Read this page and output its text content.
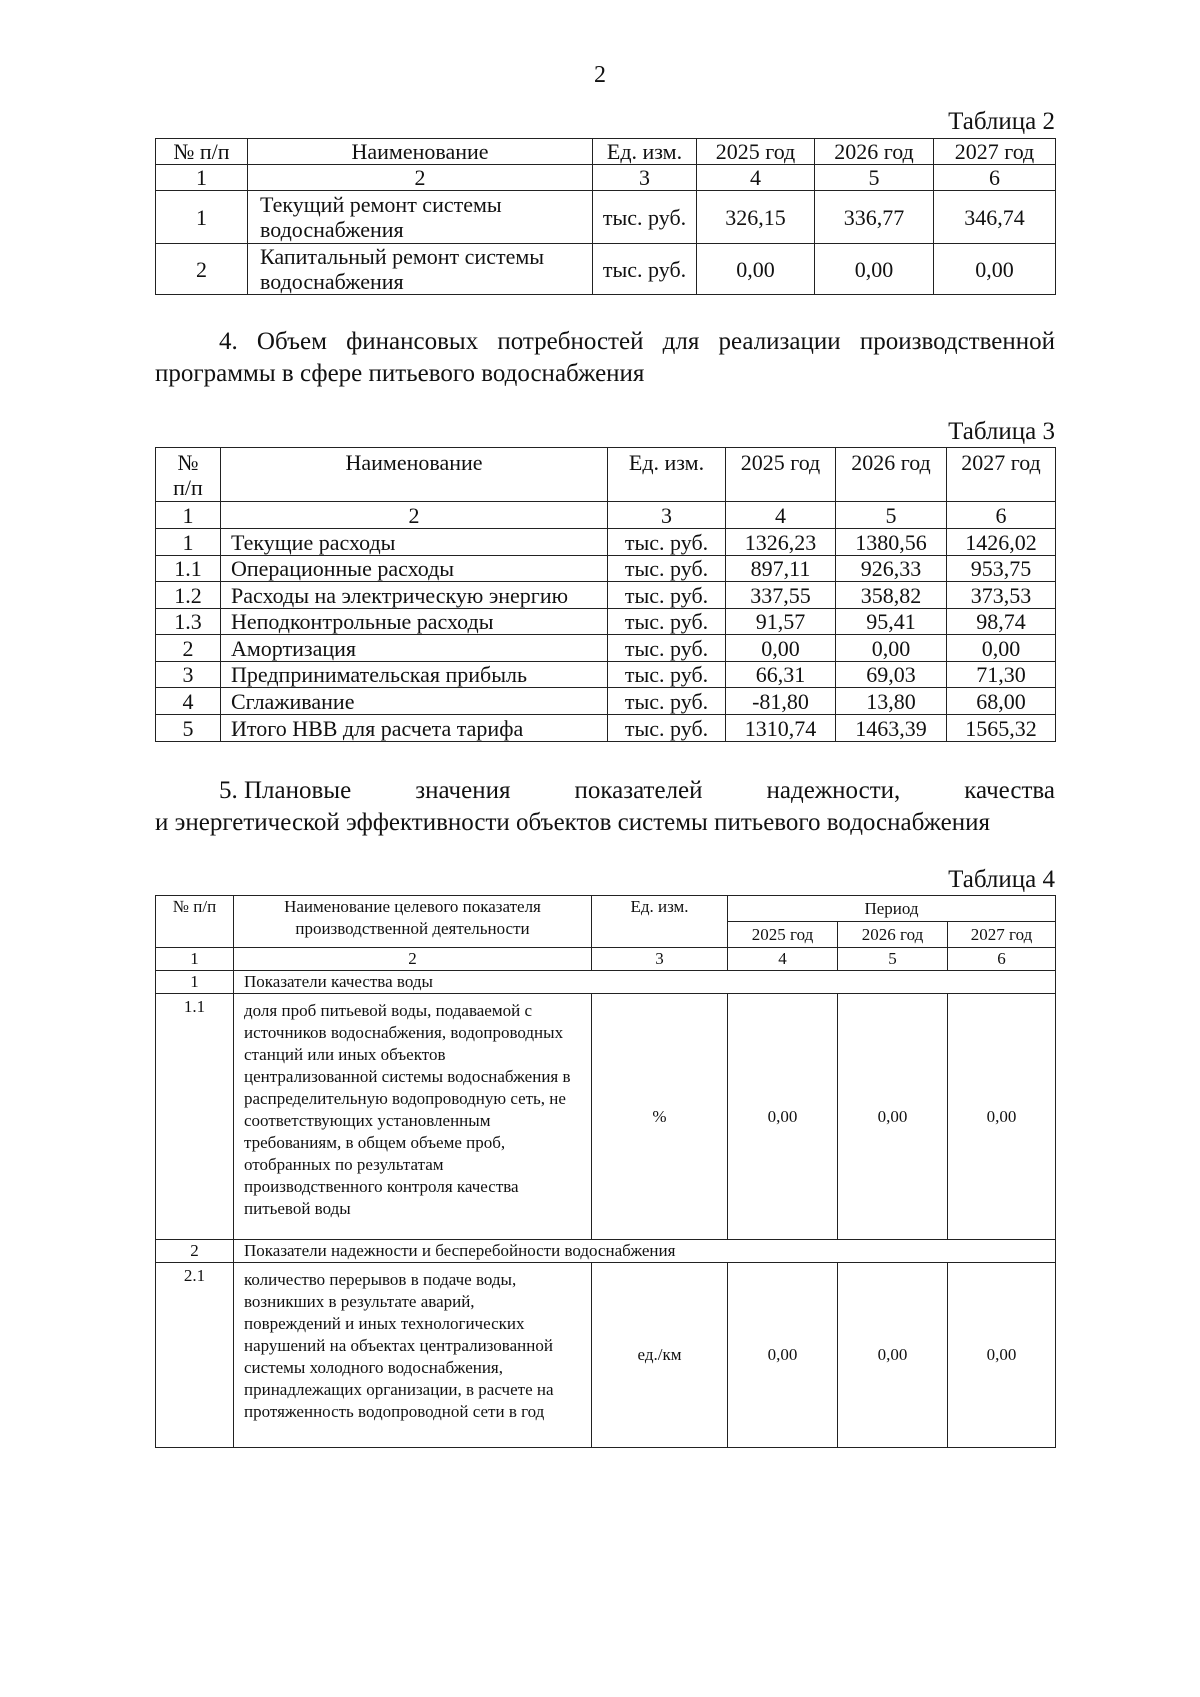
2
Таблица 2
№ п/п	Наименование	Ед. изм.	2025 год	2026 год	2027 год
1	2	3	4	5	6
1	Текущий ремонт системы водоснабжения	тыс. руб.	326,15	336,77	346,74
2	Капитальный ремонт системы водоснабжения	тыс. руб.	0,00	0,00	0,00
4. Объем финансовых потребностей для реализации производственной программы в сфере питьевого водоснабжения
Таблица 3
№ п/п	Наименование	Ед. изм.	2025 год	2026 год	2027 год
1	2	3	4	5	6
1	Текущие расходы	тыс. руб.	1326,23	1380,56	1426,02
1.1	Операционные расходы	тыс. руб.	897,11	926,33	953,75
1.2	Расходы на электрическую энергию	тыс. руб.	337,55	358,82	373,53
1.3	Неподконтрольные расходы	тыс. руб.	91,57	95,41	98,74
2	Амортизация	тыс. руб.	0,00	0,00	0,00
3	Предпринимательская прибыль	тыс. руб.	66,31	69,03	71,30
4	Сглаживание	тыс. руб.	-81,80	13,80	68,00
5	Итого НВВ для расчета тарифа	тыс. руб.	1310,74	1463,39	1565,32
5. Плановые	значения	показателей	надежности,	качества
и энергетической эффективности объектов системы питьевого водоснабжения
Таблица 4
№ п/п	Наименование целевого показателя производственной деятельности	Ед. изм.	Период		
			2025 год	2026 год	2027 год
1	2	3	4	5	6
1	Показатели качества воды				
1.1	доля проб питьевой воды, подаваемой с источников водоснабжения, водопроводных станций или иных объектов централизованной системы водоснабжения в распределительную водопроводную сеть, не соответствующих установленным требованиям, в общем объеме проб, отобранных по результатам производственного контроля качества питьевой воды	%	0,00	0,00	0,00
2	Показатели надежности и бесперебойности водоснабжения				
2.1	количество перерывов в подаче воды, возникших в результате аварий, повреждений и иных технологических нарушений на объектах централизованной системы холодного водоснабжения, принадлежащих организации, в расчете на протяженность водопроводной сети в год	ед./км	0,00	0,00	0,00
